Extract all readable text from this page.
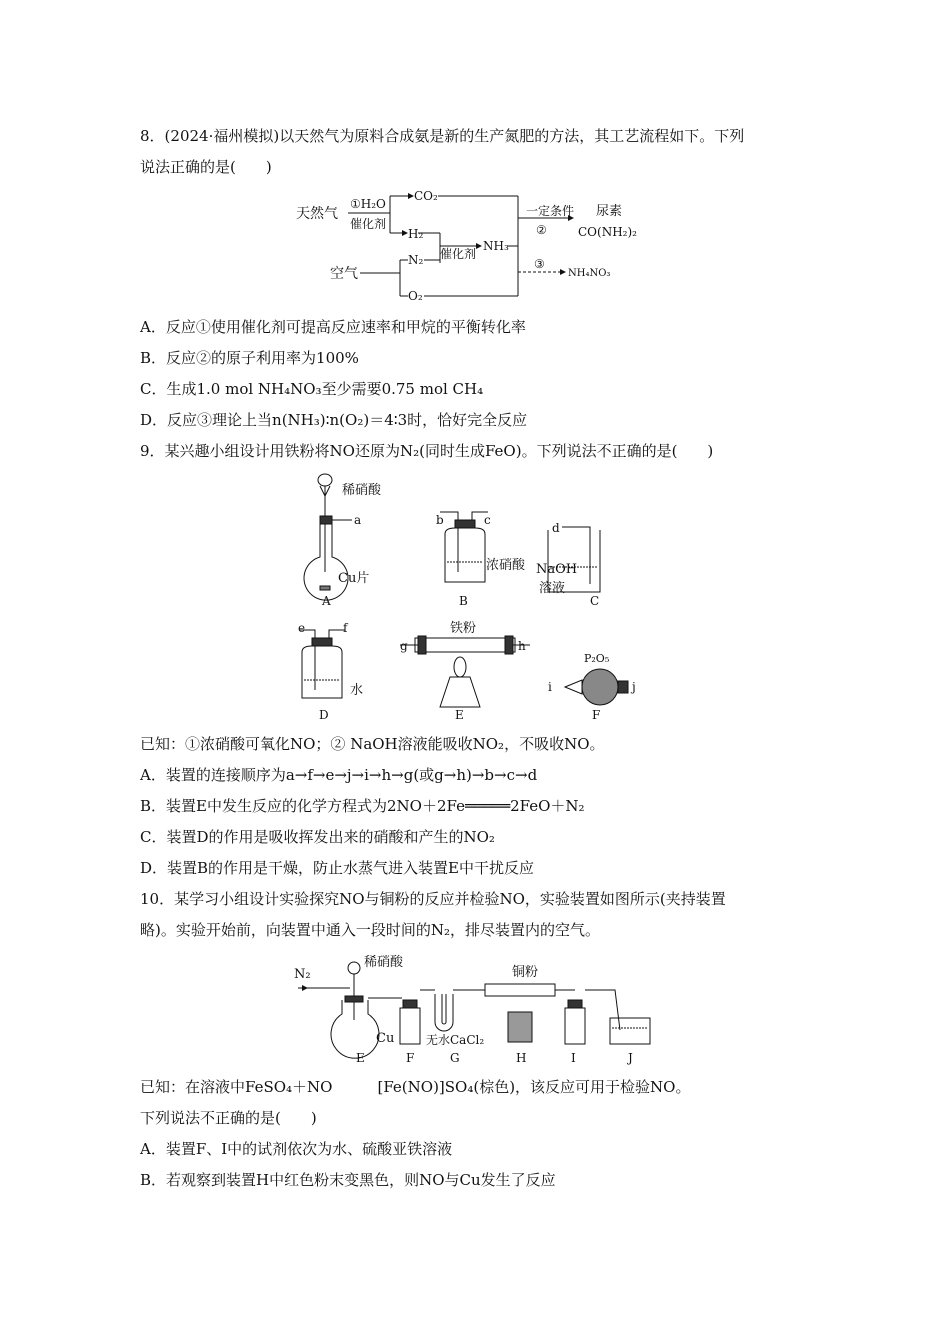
8．(2024·福州模拟)以天然气为原料合成氨是新的生产氮肥的方法，其工艺流程如下。下列
说法正确的是(　　)
天然气
①H₂O
催化剂
CO₂
H₂
一定条件
②
尿素
CO(NH₂)₂
NH₃
催化剂
空气
N₂
O₂
③
NH₄NO₃
A．反应①使用催化剂可提高反应速率和甲烷的平衡转化率
B．反应②的原子利用率为100%
C．生成1.0 mol NH₄NO₃至少需要0.75 mol CH₄
D．反应③理论上当n(NH₃)∶n(O₂)＝4∶3时，恰好完全反应
9．某兴趣小组设计用铁粉将NO还原为N₂(同时生成FeO)。下列说法不正确的是(　　)
稀硝酸
a
Cu片
A
b	c
浓硝酸
B
d
NaOH
溶液
C
e	f
水
D
铁粉
g	h
E
P₂O₅
i	j
F
已知：①浓硝酸可氧化NO；② NaOH溶液能吸收NO₂，不吸收NO。
A．装置的连接顺序为a→f→e→j→i→h→g(或g→h)→b→c→d
B．装置E中发生反应的化学方程式为2NO＋2Fe═════2FeO＋N₂
C．装置D的作用是吸收挥发出来的硝酸和产生的NO₂
D．装置B的作用是干燥，防止水蒸气进入装置E中干扰反应
10．某学习小组设计实验探究NO与铜粉的反应并检验NO，实验装置如图所示(夹持装置
略)。实验开始前，向装置中通入一段时间的N₂，排尽装置内的空气。
N₂
稀硝酸
铜粉
Cu	无水CaCl₂
E	F	G	H	I	J
已知：在溶液中FeSO₄＋NO　　　[Fe(NO)]SO₄(棕色)，该反应可用于检验NO。
下列说法不正确的是(　　)
A．装置F、I中的试剂依次为水、硫酸亚铁溶液
B．若观察到装置H中红色粉末变黑色，则NO与Cu发生了反应
